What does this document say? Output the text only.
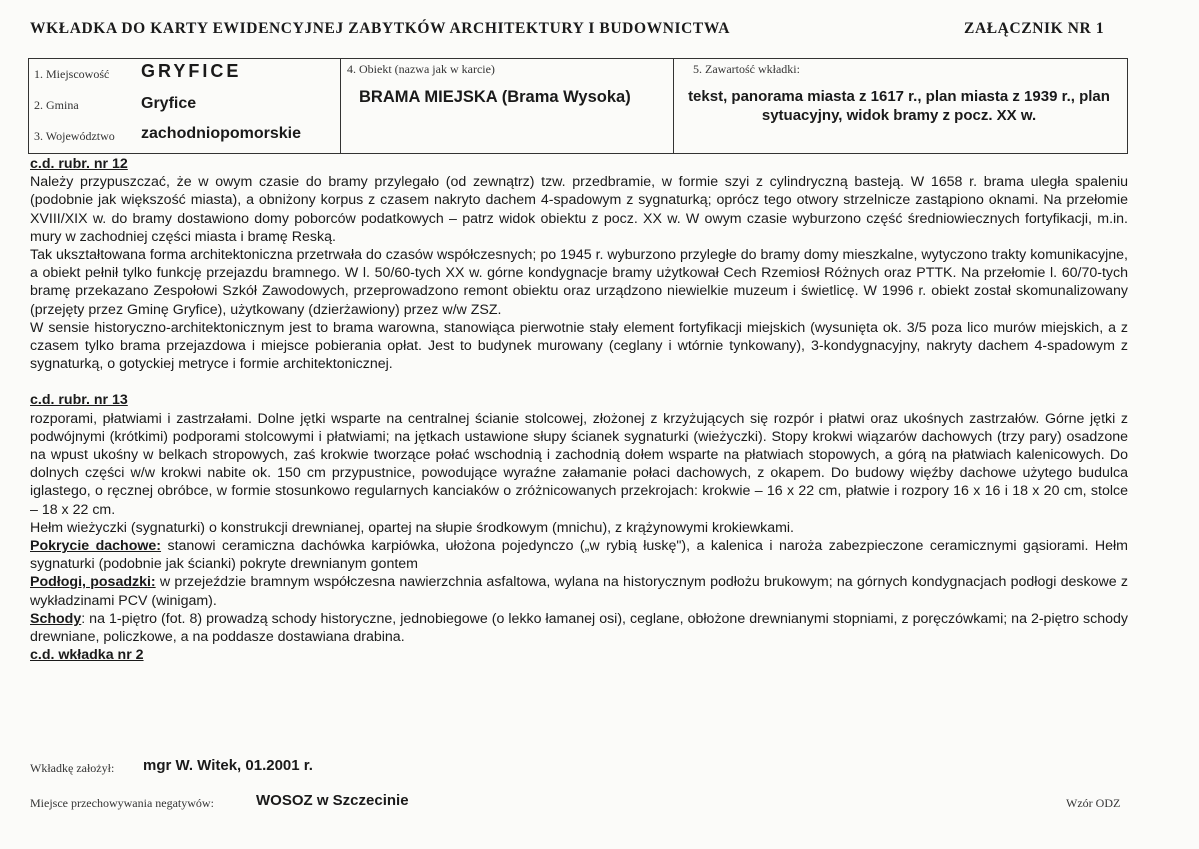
WKŁADKA DO KARTY EWIDENCYJNEJ ZABYTKÓW ARCHITEKTURY I BUDOWNICTWA	ZAŁĄCZNIK NR 1
1. Miejscowość GRYFICE
2. Gmina	Gryfice
3. Województwo zachodniopomorskie
4. Obiekt (nazwa jak w karcie)
BRAMA MIEJSKA (Brama Wysoka)
5. Zawartość wkładki:
tekst, panorama miasta z 1617 r., plan miasta z 1939 r., plan sytuacyjny, widok bramy z pocz. XX w.

c.d. rubr. nr 12

Należy przypuszczać, że w owym czasie do bramy przylegało (od zewnątrz) tzw. przedbramie, w formie szyi z cylindryczną basteją. W 1658 r. brama uległa spaleniu (podobnie jak większość miasta), a obniżony korpus z czasem nakryto dachem 4-spadowym z sygnaturką; oprócz tego otwory strzelnicze zastąpiono oknami. Na przełomie XVIII/XIX w. do bramy dostawiono domy poborców podatkowych – patrz widok obiektu z pocz. XX w. W owym czasie wyburzono część średniowiecznych fortyfikacji, m.in. mury w zachodniej części miasta i bramę Reską.

Tak ukształtowana forma architektoniczna przetrwała do czasów współczesnych; po 1945 r. wyburzono przyległe do bramy domy mieszkalne, wytyczono trakty komunikacyjne, a obiekt pełnił tylko funkcję przejazdu bramnego. W l. 50/60-tych XX w. górne kondygnacje bramy użytkował Cech Rzemiosł Różnych oraz PTTK. Na przełomie l. 60/70-tych bramę przekazano Zespołowi Szkół Zawodowych, przeprowadzono remont obiektu oraz urządzono niewielkie muzeum i świetlicę. W 1996 r. obiekt został skomunalizowany (przejęty przez Gminę Gryfice), użytkowany (dzierżawiony) przez w/w ZSZ.

W sensie historyczno-architektonicznym jest to brama warowna, stanowiąca pierwotnie stały element fortyfikacji miejskich (wysunięta ok. 3/5 poza lico murów miejskich, a z czasem tylko brama przejazdowa i miejsce pobierania opłat. Jest to budynek murowany (ceglany i wtórnie tynkowany), 3-kondygnacyjny, nakryty dachem 4-spadowym z sygnaturką, o gotyckiej metryce i formie architektonicznej.

c.d. rubr. nr 13

rozporami, płatwiami i zastrzałami. Dolne jętki wsparte na centralnej ścianie stolcowej, złożonej z krzyżujących się rozpór i płatwi oraz ukośnych zastrzałów. Górne jętki z podwójnymi (krótkimi) podporami stolcowymi i płatwiami; na jętkach ustawione słupy ścianek sygnaturki (wieżyczki). Stopy krokwi wiązarów dachowych (trzy pary) osadzone na wpust ukośny w belkach stropowych, zaś krokwie tworzące połać wschodnią i zachodnią dołem wsparte na płatwiach stopowych, a górą na płatwiach kalenicowych. Do dolnych części w/w krokwi nabite ok. 150 cm przypustnice, powodujące wyraźne załamanie połaci dachowych, z okapem. Do budowy więźby dachowe użytego budulca iglastego, o ręcznej obróbce, w formie stosunkowo regularnych kanciaków o zróżnicowanych przekrojach: krokwie – 16 x 22 cm, płatwie i rozpory 16 x 16 i 18 x 20 cm, stolce – 18 x 22 cm.

Hełm wieżyczki (sygnaturki) o konstrukcji drewnianej, opartej na słupie środkowym (mnichu), z krążynowymi krokiewkami.

Pokrycie dachowe: stanowi ceramiczna dachówka karpiówka, ułożona pojedynczo („w rybią łuskę"), a kalenica i naroża zabezpieczone ceramicznymi gąsiorami. Hełm sygnaturki (podobnie jak ścianki) pokryte drewnianym gontem

Podłogi, posadzki: w przejeździe bramnym współczesna nawierzchnia asfaltowa, wylana na historycznym podłożu brukowym; na górnych kondygnacjach podłogi deskowe z wykładzinami PCV (winigam).

Schody: na 1-piętro (fot. 8) prowadzą schody historyczne, jednobiegowe (o lekko łamanej osi), ceglane, obłożone drewnianymi stopniami, z poręczówkami; na 2-piętro schody drewniane, policzkowe, a na poddasze dostawiana drabina.

c.d. wkładka nr 2

Wkładkę założył: mgr W. Witek, 01.2001 r.
Miejsce przechowywania negatywów:	WOSOZ w Szczecinie	Wzór ODZ
